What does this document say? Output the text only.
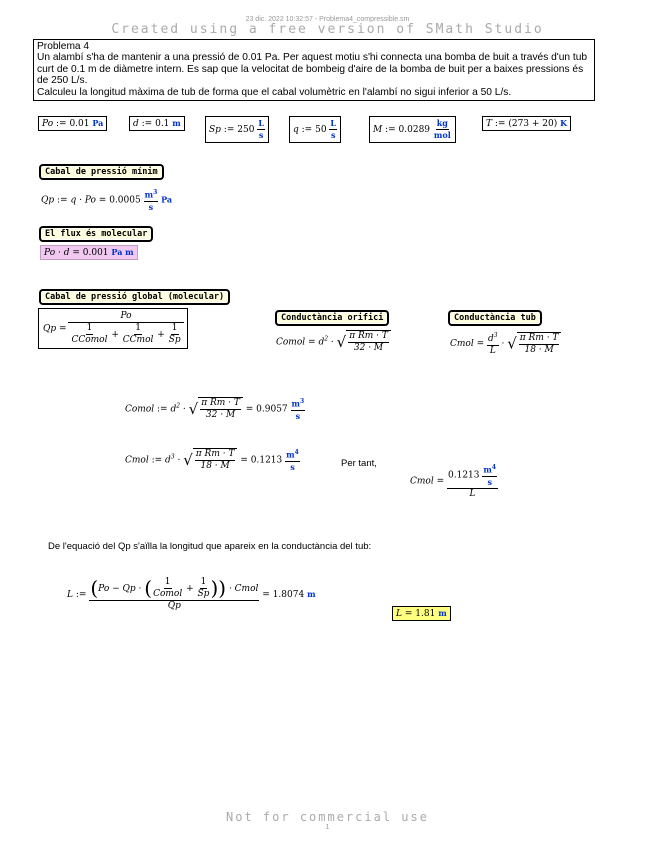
23 dic. 2022 10:32:57 - Problema4_compressible.sm
Created using a free version of SMath Studio

Problema 4

Un alambí s'ha de mantenir a una pressió de 0.01 Pa. Per aquest motiu s'hi connecta una bomba de buit a través d'un tub curt de 0.1 m de diàmetre intern. Es sap que la velocitat de bombeig d'aire de la bomba de buit per a baixes pressions és de 250 L/s.

Calculeu la longitud màxima de tub de forma que el cabal volumètric en l'alambí no sigui inferior a 50 L/s.

Po := 0.01 Pa	d := 0.1 m
Sp := $250 \frac{L}{s}$	q := $50 \frac{L}{s}$	M := $0.0289 \frac{kg}{\text{mol}}$	T := (273 + 20) K
Cabal de pressió mínim
Qp := $q \cdot Po = 0.0005 \frac{m^3}{s}$ Pa
El flux és molecular
Po · d = 0.001 Pa m
Cabal de pressió global (molecular)
$Qp = \frac{Po}{\frac{1}{\text{CComol}} + \frac{1}{\text{CCmol}} + \frac{1}{Sp}}$	Conductància orifici
Comol = $d^2$ · √ $\frac{\text{π Rm · T}}{32 \cdot M}$
Conductància tub
Cmol = $\frac{d^3}{L}$ · √ $\frac{\text{π Rm · T}}{18 \cdot M}$
Comol := $d^2$ · √ $\frac{\text{π Rm · T}}{32 \cdot M} = 0.9057 \frac{m^3}{s}$
Cmol := $d^3$ · √ $\frac{\text{π Rm · T}}{18 \cdot M} = 0.1213 \frac{m^4}{s}$	Per tant,
Cmol = $\frac{0.1213 \frac{m^4}{s}}{L}$
De l'equació del Qp s'aïlla la longitud que apareix en la conductància del tub:
L := $\frac{(Po - Qp \cdot ( \frac{1}{\text{Comol}} + \frac{1}{Sp} )) \cdot Cmol}{Qp} = 1.8074$ m
L = 1.81 m
Not for commercial use
1
